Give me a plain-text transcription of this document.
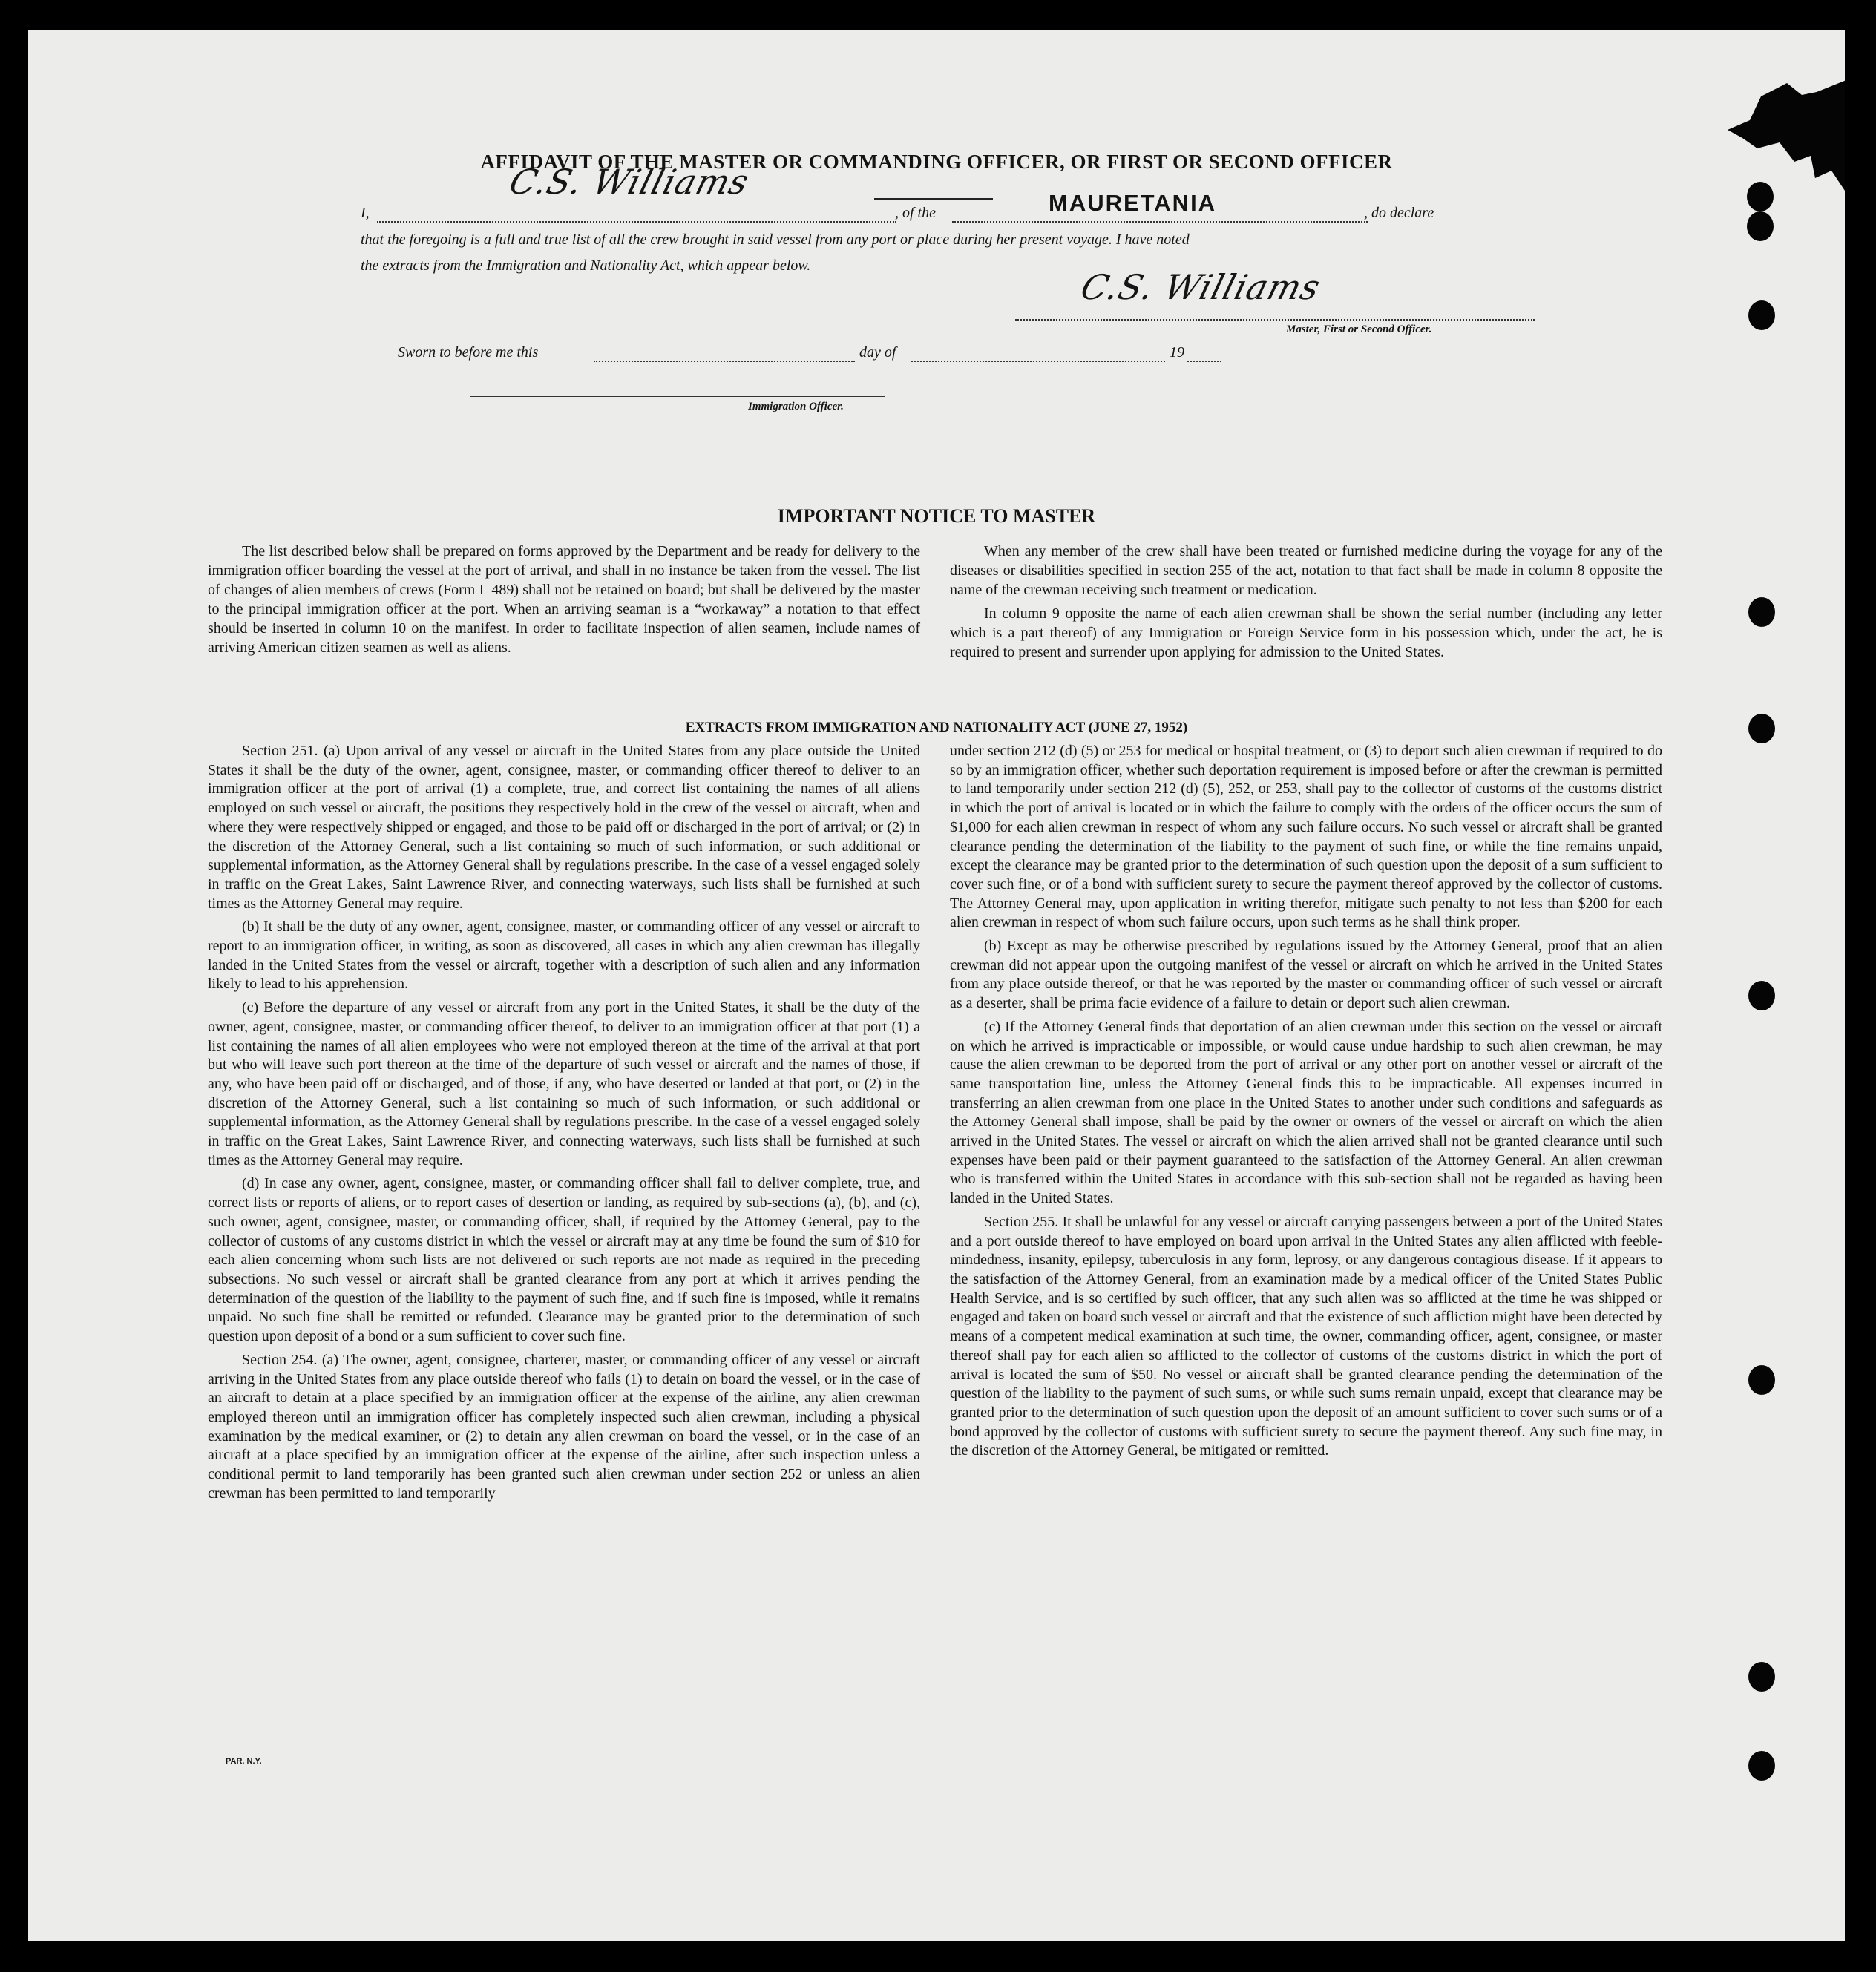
AFFIDAVIT OF THE MASTER OR COMMANDING OFFICER, OR FIRST OR SECOND OFFICER
I,
C.S. Williams
, of the	MAURETANIA	, do declare
that the foregoing is a full and true list of all the crew brought in said vessel from any port or place during her present voyage. I have noted
the extracts from the Immigration and Nationality Act, which appear below.
C.S. Williams
Master, First or Second Officer.
Sworn to before me this	day of	19
Immigration Officer.
IMPORTANT NOTICE TO MASTER

The list described below shall be prepared on forms approved by the Department and be ready for delivery to the immigration officer boarding the vessel at the port of arrival, and shall in no instance be taken from the vessel. The list of changes of alien members of crews (Form I–489) shall not be retained on board; but shall be delivered by the master to the principal immigration officer at the port. When an arriving seaman is a “workaway” a notation to that effect should be inserted in column 10 on the manifest. In order to facilitate inspection of alien seamen, include names of arriving American citizen seamen as well as aliens.

When any member of the crew shall have been treated or furnished medicine during the voyage for any of the diseases or disabilities specified in section 255 of the act, notation to that fact shall be made in column 8 opposite the name of the crewman receiving such treatment or medication.

In column 9 opposite the name of each alien crewman shall be shown the serial number (including any letter which is a part thereof) of any Immigration or Foreign Service form in his possession which, under the act, he is required to present and surrender upon applying for admission to the United States.

EXTRACTS FROM IMMIGRATION AND NATIONALITY ACT (JUNE 27, 1952)

Section 251. (a) Upon arrival of any vessel or aircraft in the United States from any place outside the United States it shall be the duty of the owner, agent, consignee, master, or commanding officer thereof to deliver to an immigration officer at the port of arrival (1) a complete, true, and correct list containing the names of all aliens employed on such vessel or aircraft, the positions they respectively hold in the crew of the vessel or aircraft, when and where they were respectively shipped or engaged, and those to be paid off or discharged in the port of arrival; or (2) in the discretion of the Attorney General, such a list containing so much of such information, or such additional or supplemental information, as the Attorney General shall by regulations prescribe. In the case of a vessel engaged solely in traffic on the Great Lakes, Saint Lawrence River, and connecting waterways, such lists shall be furnished at such times as the Attorney General may require.

(b) It shall be the duty of any owner, agent, consignee, master, or commanding officer of any vessel or aircraft to report to an immigration officer, in writing, as soon as discovered, all cases in which any alien crewman has illegally landed in the United States from the vessel or aircraft, together with a description of such alien and any information likely to lead to his apprehension.

(c) Before the departure of any vessel or aircraft from any port in the United States, it shall be the duty of the owner, agent, consignee, master, or commanding officer thereof, to deliver to an immigration officer at that port (1) a list containing the names of all alien employees who were not employed thereon at the time of the arrival at that port but who will leave such port thereon at the time of the departure of such vessel or aircraft and the names of those, if any, who have been paid off or discharged, and of those, if any, who have deserted or landed at that port, or (2) in the discretion of the Attorney General, such a list containing so much of such information, or such additional or supplemental information, as the Attorney General shall by regulations prescribe. In the case of a vessel engaged solely in traffic on the Great Lakes, Saint Lawrence River, and connecting waterways, such lists shall be furnished at such times as the Attorney General may require.

(d) In case any owner, agent, consignee, master, or commanding officer shall fail to deliver complete, true, and correct lists or reports of aliens, or to report cases of desertion or landing, as required by sub-sections (a), (b), and (c), such owner, agent, consignee, master, or commanding officer, shall, if required by the Attorney General, pay to the collector of customs of any customs district in which the vessel or aircraft may at any time be found the sum of $10 for each alien concerning whom such lists are not delivered or such reports are not made as required in the preceding subsections. No such vessel or aircraft shall be granted clearance from any port at which it arrives pending the determination of the question of the liability to the payment of such fine, and if such fine is imposed, while it remains unpaid. No such fine shall be remitted or refunded. Clearance may be granted prior to the determination of such question upon deposit of a bond or a sum sufficient to cover such fine.

Section 254. (a) The owner, agent, consignee, charterer, master, or commanding officer of any vessel or aircraft arriving in the United States from any place outside thereof who fails (1) to detain on board the vessel, or in the case of an aircraft to detain at a place specified by an immigration officer at the expense of the airline, any alien crewman employed thereon until an immigration officer has completely inspected such alien crewman, including a physical examination by the medical examiner, or (2) to detain any alien crewman on board the vessel, or in the case of an aircraft at a place specified by an immigration officer at the expense of the airline, after such inspection unless a conditional permit to land temporarily has been granted such alien crewman under section 252 or unless an alien crewman has been permitted to land temporarily

under section 212 (d) (5) or 253 for medical or hospital treatment, or (3) to deport such alien crewman if required to do so by an immigration officer, whether such deportation requirement is imposed before or after the crewman is permitted to land temporarily under section 212 (d) (5), 252, or 253, shall pay to the collector of customs of the customs district in which the port of arrival is located or in which the failure to comply with the orders of the officer occurs the sum of $1,000 for each alien crewman in respect of whom any such failure occurs. No such vessel or aircraft shall be granted clearance pending the determination of the liability to the payment of such fine, or while the fine remains unpaid, except the clearance may be granted prior to the determination of such question upon the deposit of a sum sufficient to cover such fine, or of a bond with sufficient surety to secure the payment thereof approved by the collector of customs. The Attorney General may, upon application in writing therefor, mitigate such penalty to not less than $200 for each alien crewman in respect of whom such failure occurs, upon such terms as he shall think proper.

(b) Except as may be otherwise prescribed by regulations issued by the Attorney General, proof that an alien crewman did not appear upon the outgoing manifest of the vessel or aircraft on which he arrived in the United States from any place outside thereof, or that he was reported by the master or commanding officer of such vessel or aircraft as a deserter, shall be prima facie evidence of a failure to detain or deport such alien crewman.

(c) If the Attorney General finds that deportation of an alien crewman under this section on the vessel or aircraft on which he arrived is impracticable or impossible, or would cause undue hardship to such alien crewman, he may cause the alien crewman to be deported from the port of arrival or any other port on another vessel or aircraft of the same transportation line, unless the Attorney General finds this to be impracticable. All expenses incurred in transferring an alien crewman from one place in the United States to another under such conditions and safeguards as the Attorney General shall impose, shall be paid by the owner or owners of the vessel or aircraft on which the alien arrived in the United States. The vessel or aircraft on which the alien arrived shall not be granted clearance until such expenses have been paid or their payment guaranteed to the satisfaction of the Attorney General. An alien crewman who is transferred within the United States in accordance with this sub-section shall not be regarded as having been landed in the United States.

Section 255. It shall be unlawful for any vessel or aircraft carrying passengers between a port of the United States and a port outside thereof to have employed on board upon arrival in the United States any alien afflicted with feeble-mindedness, insanity, epilepsy, tuberculosis in any form, leprosy, or any dangerous contagious disease. If it appears to the satisfaction of the Attorney General, from an examination made by a medical officer of the United States Public Health Service, and is so certified by such officer, that any such alien was so afflicted at the time he was shipped or engaged and taken on board such vessel or aircraft and that the existence of such affliction might have been detected by means of a competent medical examination at such time, the owner, commanding officer, agent, consignee, or master thereof shall pay for each alien so afflicted to the collector of customs of the customs district in which the port of arrival is located the sum of $50. No vessel or aircraft shall be granted clearance pending the determination of the question of the liability to the payment of such sums, or while such sums remain unpaid, except that clearance may be granted prior to the determination of such question upon the deposit of an amount sufficient to cover such sums or of a bond approved by the collector of customs with sufficient surety to secure the payment thereof. Any such fine may, in the discretion of the Attorney General, be mitigated or remitted.

PAR. N.Y.
